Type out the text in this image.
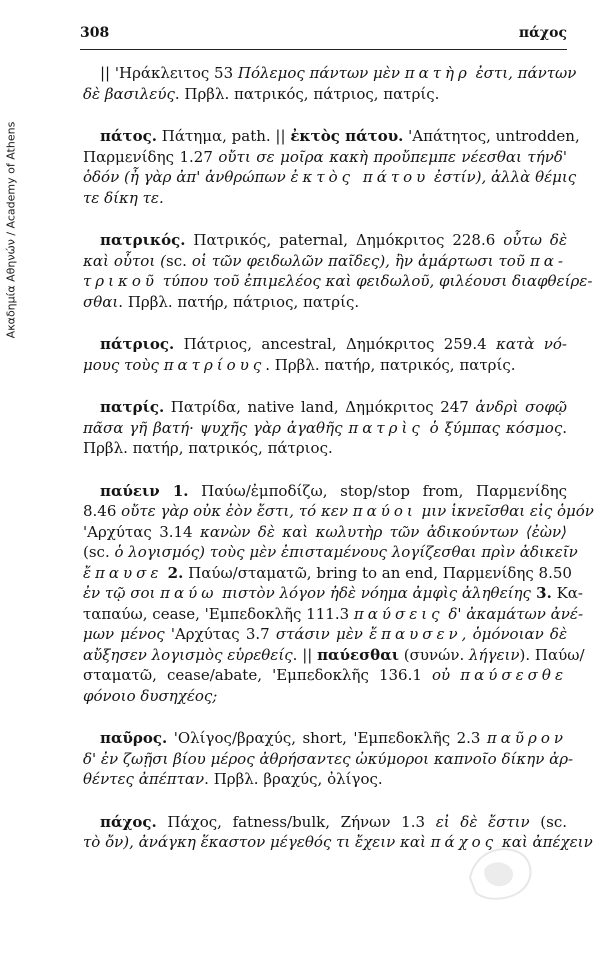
Ακαδημία Αθηνών / Academy of Athens
308	πάχος
|| 'Ηράκλειτος 53 Πόλεμος πάντων μὲν πατὴρ ἐστι, πάντων
δὲ βασιλεύς. Πρβλ. πατρικός, πάτριος, πατρίς.
πάτος. Πάτημα, path. || ἐκτὸς πάτου. 'Απάτητος, untrodden,
Παρμενίδης 1.27 οὔτι σε μοῖρα κακὴ προὔπεμπε νέεσθαι τήνδ'
ὁδόν (ἦ γὰρ ἀπ' ἀνθρώπων ἐκτὸς πάτου ἐστίν), ἀλλὰ θέμις
τε δίκη τε.
πατρικός. Πατρικός, paternal, Δημόκριτος 228.6 οὗτω δὲ
καὶ οὗτοι (sc. οἱ τῶν φειδωλῶν παῖδες), ἢν ἁμάρτωσι τοῦ πα-
τρικοῦ τύπου τοῦ ἐπιμελέος καὶ φειδωλοῦ, φιλέουσι διαφθείρε-
σθαι. Πρβλ. πατήρ, πάτριος, πατρίς.
πάτριος. Πάτριος, ancestral, Δημόκριτος 259.4 κατὰ νό-
μους τοὺς πατρίους. Πρβλ. πατήρ, πατρικός, πατρίς.
πατρίς. Πατρίδα, native land, Δημόκριτος 247 ἀνδρὶ σοφῷ
πᾶσα γῆ βατή· ψυχῆς γὰρ ἀγαθῆς πατρὶς ὁ ξύμπας κόσμος.
Πρβλ. πατήρ, πατρικός, πάτριος.
παύειν 1. Παύω/ἐμποδίζω, stop/stop from, Παρμενίδης
8.46 οὔτε γὰρ οὐκ ἐὸν ἔστι, τό κεν παύοι μιν ἱκνεῖσθαι εἰς ὁμόν
'Αρχύτας 3.14 κανὼν δὲ καὶ κωλυτὴρ τῶν ἀδικούντων ⟨ἐὼν⟩
(sc. ὁ λογισμός) τοὺς μὲν ἐπισταμένους λογίζεσθαι πρὶν ἀδικεῖν
ἔπαυσε 2. Παύω/σταματῶ, bring to an end, Παρμενίδης 8.50
ἐν τῷ σοι παύω πιστὸν λόγον ἠδὲ νόημα ἀμφὶς ἀληθείης 3. Κα-
ταπαύω, cease, 'Εμπεδοκλῆς 111.3 παύσεις δ' ἀκαμάτων ἀνέ-
μων μένος 'Αρχύτας 3.7 στάσιν μὲν ἔπαυσεν, ὁμόνοιαν δὲ
αὔξησεν λογισμὸς εὑρεθείς. || παύεσθαι (συνών. λήγειν). Παύω/
σταματῶ, cease/abate, 'Εμπεδοκλῆς 136.1 οὐ παύσεσθε
φόνοιο δυσηχέος;
παῦρος. 'Ολίγος/βραχύς, short, 'Εμπεδοκλῆς 2.3 παῦρον
δ' ἐν ζωῇσι βίου μέρος ἀθρήσαντες ὠκύμοροι καπνοῖο δίκην ἀρ-
θέντες ἀπέπταν. Πρβλ. βραχύς, ὀλίγος.
πάχος. Πάχος, fatness/bulk, Ζήνων 1.3 εἰ δὲ ἔστιν (sc.
τὸ ὄν), ἀνάγκη ἕκαστον μέγεθός τι ἔχειν καὶ πάχος καὶ ἀπέχειν
